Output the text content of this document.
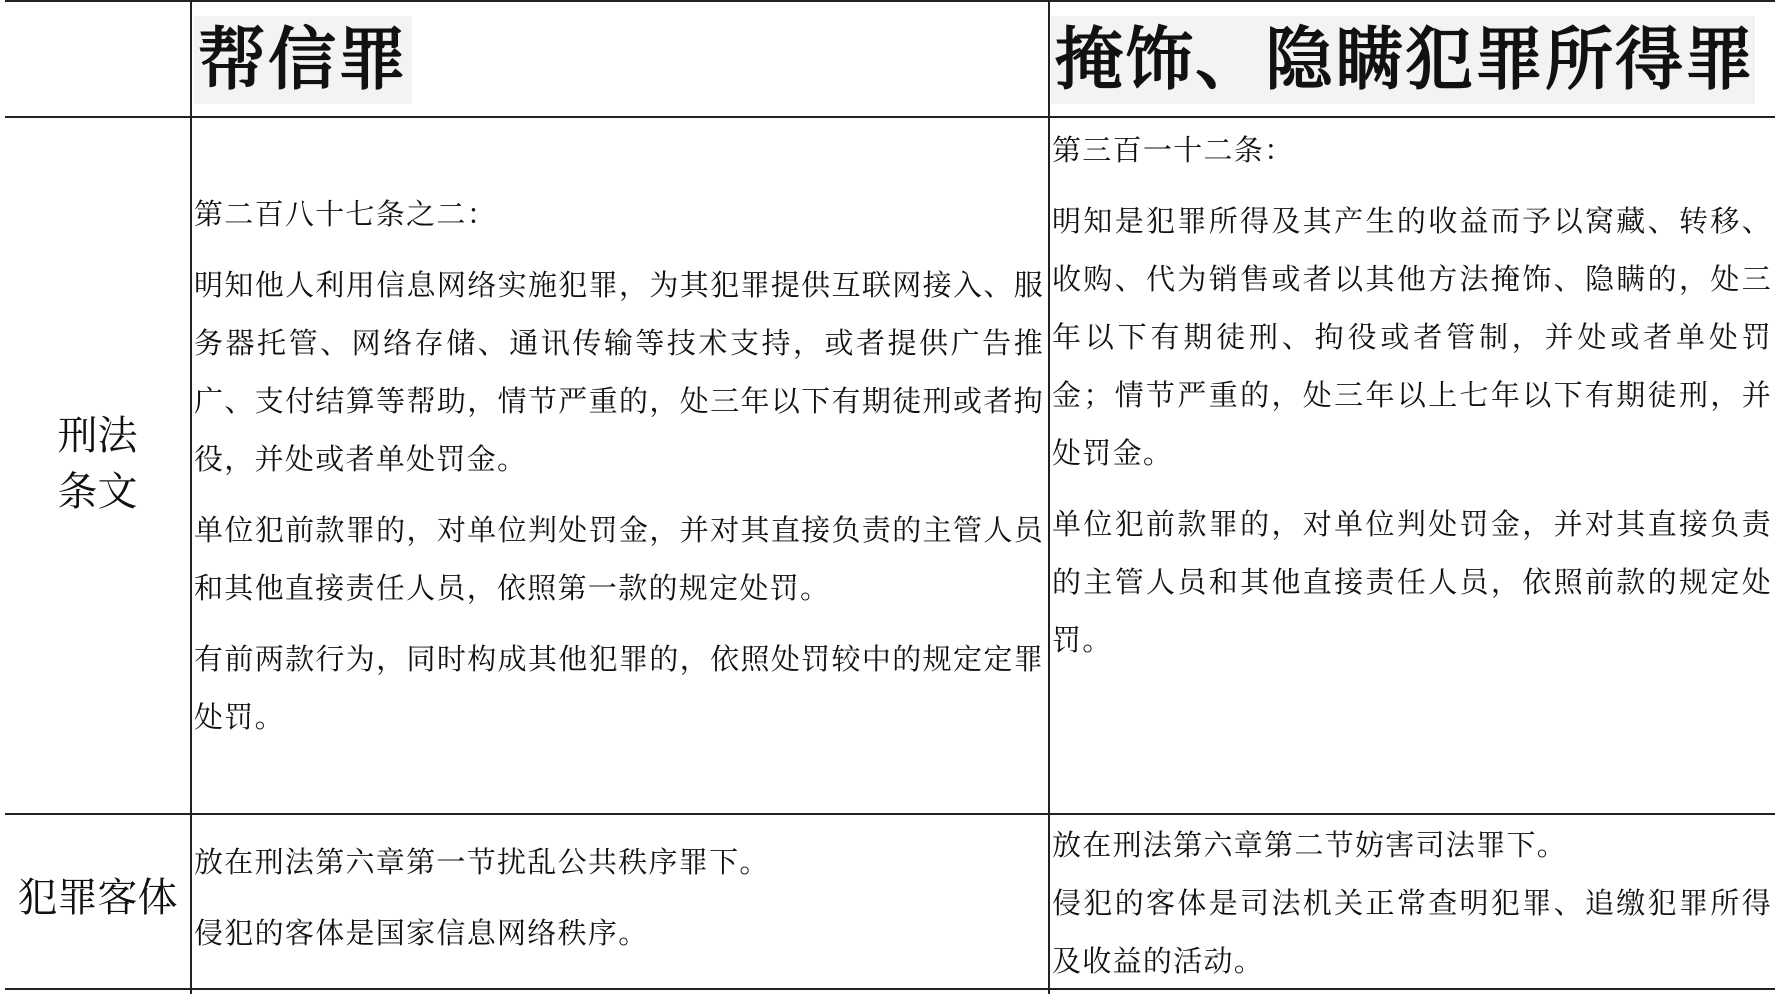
帮信罪	掩饰、隐瞒犯罪所得罪
刑法
条文

第二百八十七条之二：

明知他人利用信息网络实施犯罪，为其犯罪提供互联网接入、服务器托管、网络存储、通讯传输等技术支持，或者提供广告推广、支付结算等帮助，情节严重的，处三年以下有期徒刑或者拘役，并处或者单处罚金。

单位犯前款罪的，对单位判处罚金，并对其直接负责的主管人员和其他直接责任人员，依照第一款的规定处罚。

有前两款行为，同时构成其他犯罪的，依照处罚较中的规定定罪处罚。

第三百一十二条：

明知是犯罪所得及其产生的收益而予以窝藏、转移、收购、代为销售或者以其他方法掩饰、隐瞒的，处三年以下有期徒刑、拘役或者管制，并处或者单处罚金；情节严重的，处三年以上七年以下有期徒刑，并处罚金。

单位犯前款罪的，对单位判处罚金，并对其直接负责的主管人员和其他直接责任人员，依照前款的规定处罚。

犯罪客体

放在刑法第六章第一节扰乱公共秩序罪下。

侵犯的客体是国家信息网络秩序。

放在刑法第六章第二节妨害司法罪下。

侵犯的客体是司法机关正常查明犯罪、追缴犯罪所得及收益的活动。
